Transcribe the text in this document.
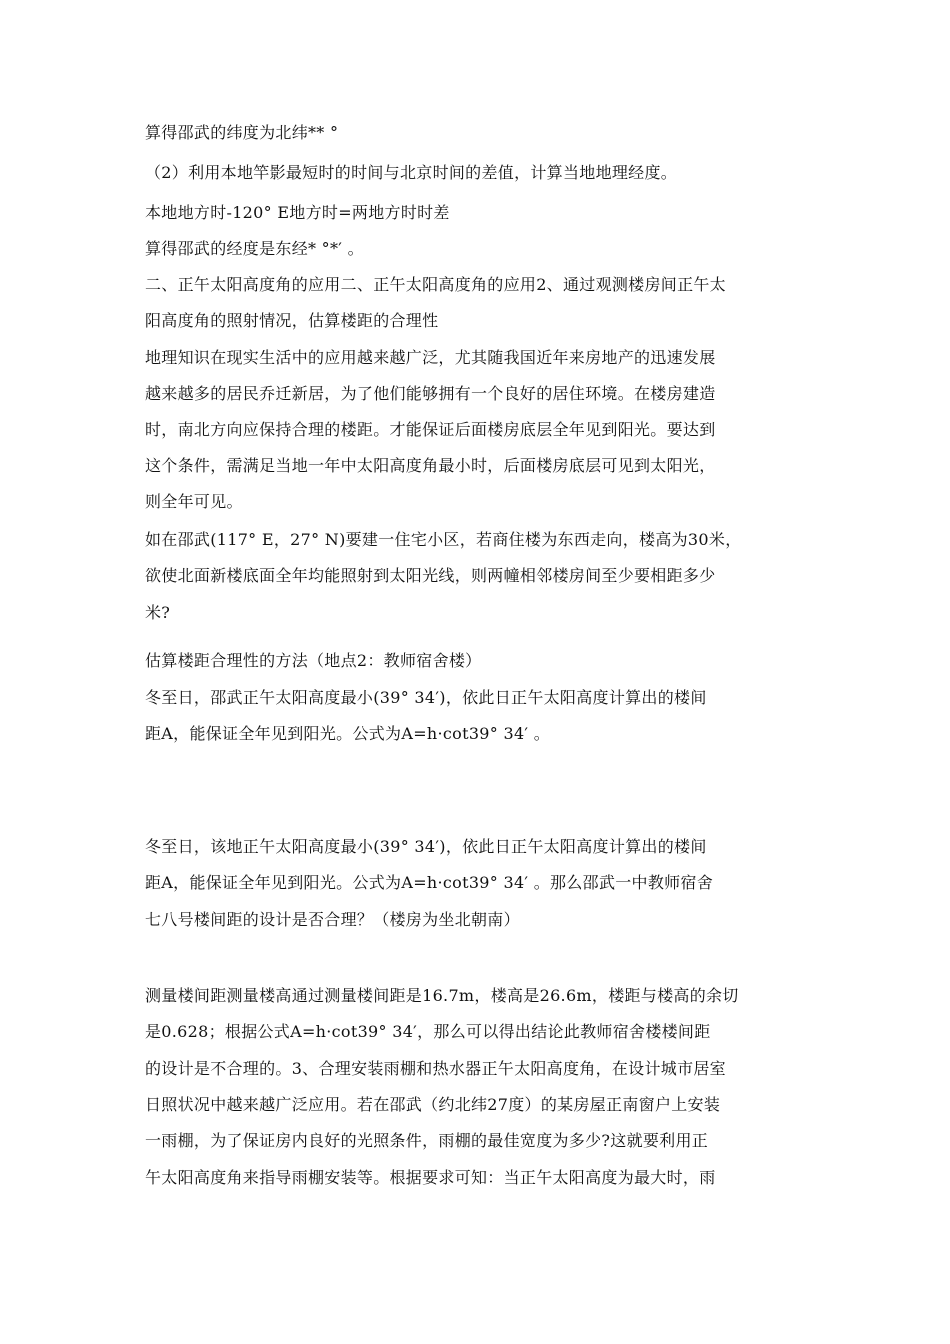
算得邵武的纬度为北纬** °
（2）利用本地竿影最短时的时间与北京时间的差值，计算当地地理经度。
本地地方时-120° E地方时=两地方时时差
算得邵武的经度是东经* °*′ 。
二、正午太阳高度角的应用二、正午太阳高度角的应用2、通过观测楼房间正午太
阳高度角的照射情况，估算楼距的合理性
地理知识在现实生活中的应用越来越广泛，尤其随我国近年来房地产的迅速发展
越来越多的居民乔迁新居，为了他们能够拥有一个良好的居住环境。在楼房建造
时，南北方向应保持合理的楼距。才能保证后面楼房底层全年见到阳光。要达到
这个条件，需满足当地一年中太阳高度角最小时，后面楼房底层可见到太阳光，
则全年可见。
如在邵武(117° E，27° N)要建一住宅小区，若商住楼为东西走向，楼高为30米，
欲使北面新楼底面全年均能照射到太阳光线，则两幢相邻楼房间至少要相距多少
米?
估算楼距合理性的方法（地点2：教师宿舍楼）
冬至日，邵武正午太阳高度最小(39° 34′)，依此日正午太阳高度计算出的楼间
距A，能保证全年见到阳光。公式为A=h·cot39° 34′ 。
冬至日，该地正午太阳高度最小(39° 34′)，依此日正午太阳高度计算出的楼间
距A，能保证全年见到阳光。公式为A=h·cot39° 34′ 。那么邵武一中教师宿舍
七八号楼间距的设计是否合理？（楼房为坐北朝南）
测量楼间距测量楼高通过测量楼间距是16.7m，楼高是26.6m，楼距与楼高的余切
是0.628；根据公式A=h·cot39° 34′，那么可以得出结论此教师宿舍楼楼间距
的设计是不合理的。3、合理安装雨棚和热水器正午太阳高度角，在设计城市居室
日照状况中越来越广泛应用。若在邵武（约北纬27度）的某房屋正南窗户上安装
一雨棚，为了保证房内良好的光照条件，雨棚的最佳宽度为多少?这就要利用正
午太阳高度角来指导雨棚安装等。根据要求可知：当正午太阳高度为最大时，雨
